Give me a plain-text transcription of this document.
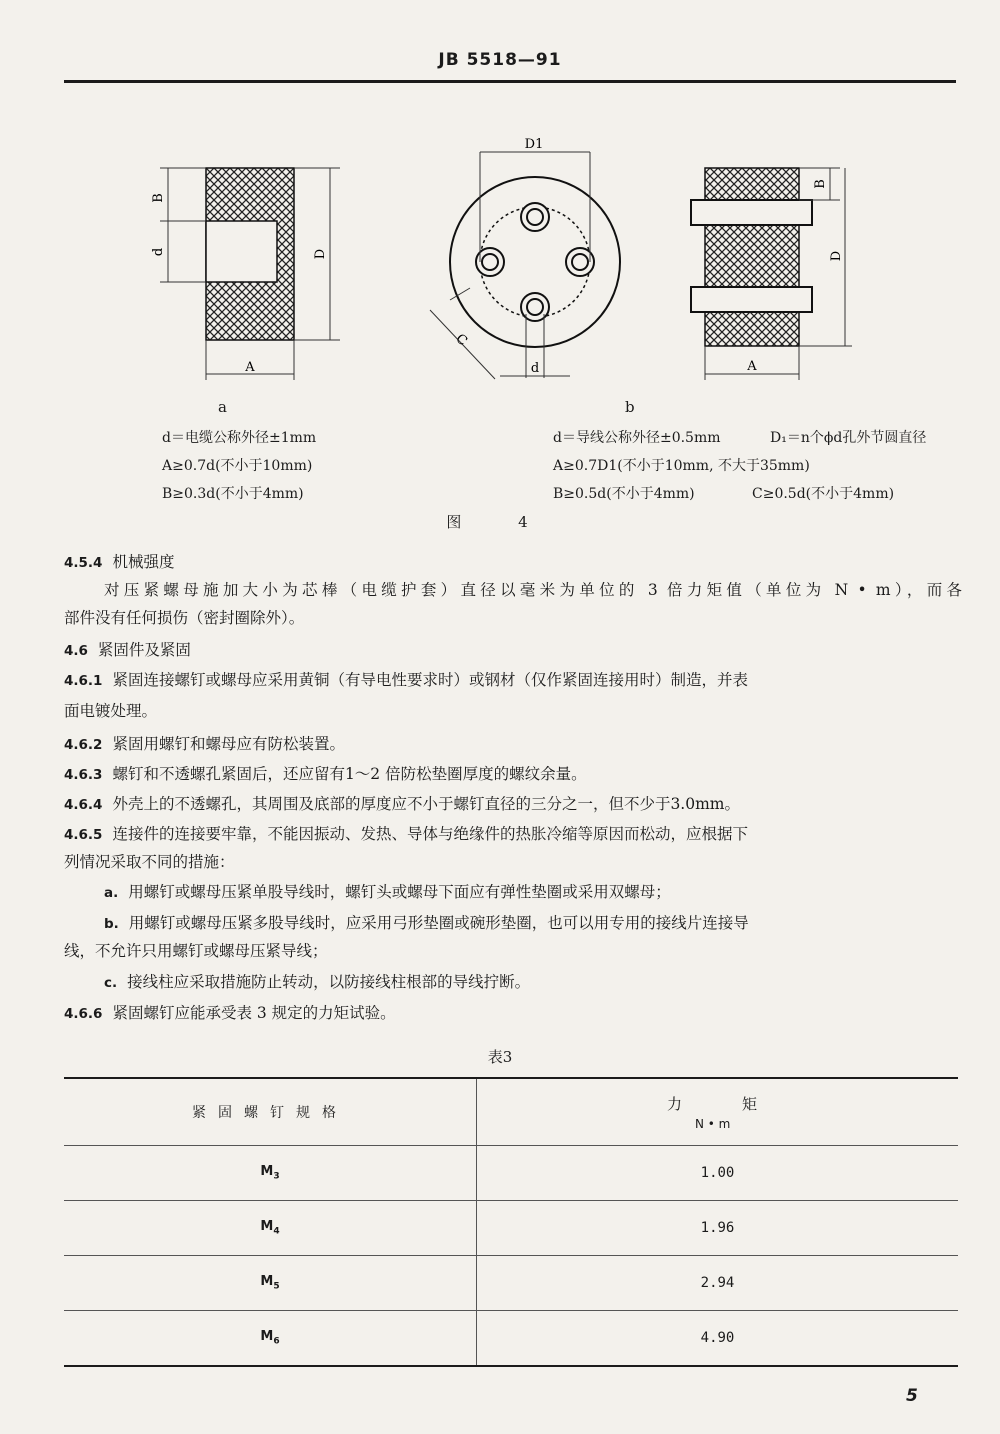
JB 5518—91
B
d	D
A
D1
C
d
B
D
A
a
d＝电缆公称外径±1mm
A≥0.7d(不小于10mm)
B≥0.3d(不小于4mm)
b
d＝导线公称外径±0.5mm	D₁＝n个ϕd孔外节圆直径
A≥0.7D1(不小于10mm, 不大于35mm)
B≥0.5d(不小于4mm)	C≥0.5d(不小于4mm)
图 4
4.5.4 机械强度
对压紧螺母施加大小为芯棒（电缆护套）直径以毫米为单位的 3 倍力矩值（单位为 N • m），而各
部件没有任何损伤（密封圈除外）。
4.6 紧固件及紧固
4.6.1 紧固连接螺钉或螺母应采用黄铜（有导电性要求时）或钢材（仅作紧固连接用时）制造，并表
面电镀处理。
4.6.2 紧固用螺钉和螺母应有防松装置。
4.6.3 螺钉和不透螺孔紧固后，还应留有1～2 倍防松垫圈厚度的螺纹余量。
4.6.4 外壳上的不透螺孔，其周围及底部的厚度应不小于螺钉直径的三分之一，但不少于3.0mm。
4.6.5 连接件的连接要牢靠，不能因振动、发热、导体与绝缘件的热胀冷缩等原因而松动，应根据下
列情况采取不同的措施：
a. 用螺钉或螺母压紧单股导线时，螺钉头或螺母下面应有弹性垫圈或采用双螺母；
b. 用螺钉或螺母压紧多股导线时，应采用弓形垫圈或碗形垫圈，也可以用专用的接线片连接导
线，不允许只用螺钉或螺母压紧导线；
c. 接线柱应采取措施防止转动，以防接线柱根部的导线拧断。
4.6.6 紧固螺钉应能承受表 3 规定的力矩试验。
表3
紧固螺钉规格	力矩
N • m
$M_3$	1.00
$M_4$	1.96
$M_5$	2.94
$M_6$	4.90
5
